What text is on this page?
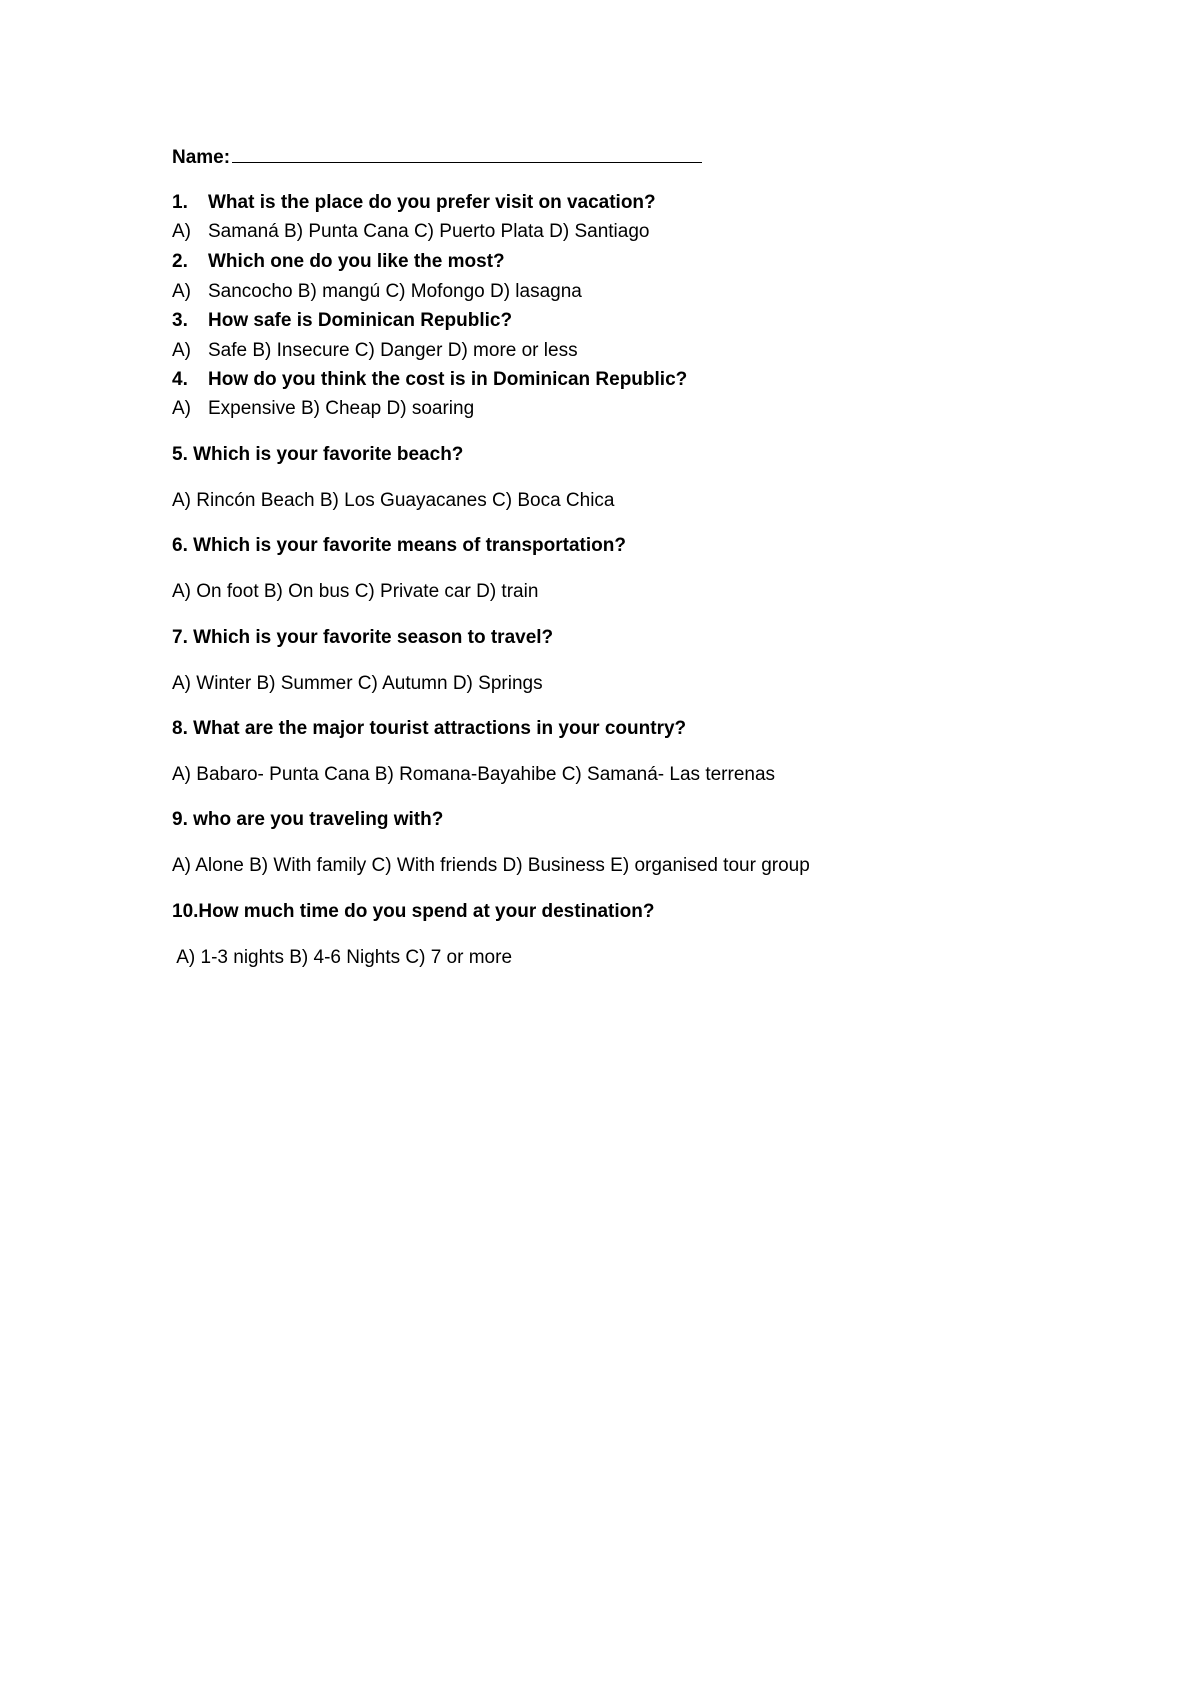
Name:
1. What is the place do you prefer visit on vacation?
A) Samaná B) Punta Cana C) Puerto Plata D) Santiago
2. Which one do you like the most?
A) Sancocho B) mangú C) Mofongo D) lasagna
3. How safe is Dominican Republic?
A) Safe B) Insecure C) Danger D) more or less
4. How do you think the cost is in Dominican Republic?
A) Expensive B) Cheap D) soaring
5. Which is your favorite beach?
A) Rincón Beach B) Los Guayacanes C) Boca Chica
6. Which is your favorite means of transportation?
A) On foot B) On bus C) Private car D) train
7. Which is your favorite season to travel?
A) Winter B) Summer C) Autumn D) Springs
8. What are the major tourist attractions in your country?
A) Babaro- Punta Cana B) Romana-Bayahibe C) Samaná- Las terrenas
9. who are you traveling with?
A) Alone B) With family C) With friends D) Business E) organised tour group
10.How much time do you spend at your destination?
A) 1-3 nights B) 4-6 Nights C) 7 or more
